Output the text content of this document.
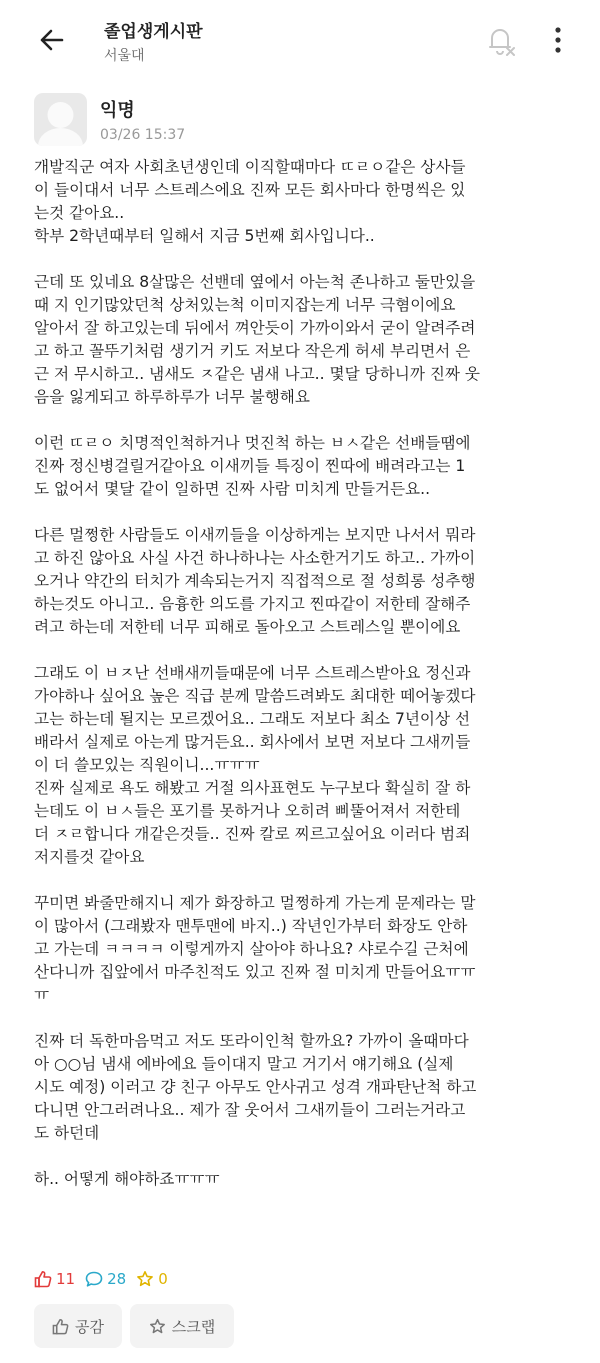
졸업생게시판
서울대
익명
03/26 15:37
개발직군 여자 사회초년생인데 이직할때마다 ㄸㄹㅇ같은 상사들
이 들이대서 너무 스트레스에요 진짜 모든 회사마다 한명씩은 있
는것 같아요..
학부 2학년때부터 일해서 지금 5번째 회사입니다..

근데 또 있네요 8살많은 선밴데 옆에서 아는척 존나하고 둘만있을
때 지 인기많았던척 상처있는척 이미지잡는게 너무 극혐이에요
알아서 잘 하고있는데 뒤에서 껴안듯이 가까이와서 굳이 알려주려
고 하고 꼴뚜기처럼 생기거 키도 저보다 작은게 허세 부리면서 은
근 저 무시하고.. 냄새도 ㅈ같은 냄새 나고.. 몇달 당하니까 진짜 웃
음을 잃게되고 하루하루가 너무 불행해요

이런 ㄸㄹㅇ 치명적인척하거나 멋진척 하는 ㅂㅅ같은 선배들땜에
진짜 정신병걸릴거같아요 이새끼들 특징이 찐따에 배려라고는 1
도 없어서 몇달 같이 일하면 진짜 사람 미치게 만들거든요..

다른 멀쩡한 사람들도 이새끼들을 이상하게는 보지만 나서서 뭐라
고 하진 않아요 사실 사건 하나하나는 사소한거기도 하고.. 가까이
오거나 약간의 터치가 계속되는거지 직접적으로 절 성희롱 성추행
하는것도 아니고.. 음흉한 의도를 가지고 찐따같이 저한테 잘해주
려고 하는데 저한테 너무 피해로 돌아오고 스트레스일 뿐이에요

그래도 이 ㅂㅈ난 선배새끼들때문에 너무 스트레스받아요 정신과
가야하나 싶어요 높은 직급 분께 말씀드려봐도 최대한 떼어놓겠다
고는 하는데 될지는 모르겠어요.. 그래도 저보다 최소 7년이상 선
배라서 실제로 아는게 많거든요.. 회사에서 보면 저보다 그새끼들
이 더 쓸모있는 직원이니...ㅠㅠㅠ
진짜 실제로 욕도 해봤고 거절 의사표현도 누구보다 확실히 잘 하
는데도 이 ㅂㅅ들은 포기를 못하거나 오히려 삐뚤어져서 저한테
더 ㅈㄹ합니다 개같은것들.. 진짜 칼로 찌르고싶어요 이러다 범죄
저지를것 같아요

꾸미면 봐줄만해지니 제가 화장하고 멀쩡하게 가는게 문제라는 말
이 많아서 (그래봤자 맨투맨에 바지..) 작년인가부터 화장도 안하
고 가는데 ㅋㅋㅋㅋ 이렇게까지 살아야 하나요? 샤로수길 근처에
산다니까 집앞에서 마주친적도 있고 진짜 절 미치게 만들어요ㅠㅠ
ㅠ

진짜 더 독한마음먹고 저도 또라이인척 할까요? 가까이 올때마다
아 ○○님 냄새 에바에요 들이대지 말고 거기서 얘기해요 (실제
시도 예정) 이러고 걍 친구 아무도 안사귀고 성격 개파탄난척 하고
다니면 안그러려나요.. 제가 잘 웃어서 그새끼들이 그러는거라고
도 하던데

하.. 어떻게 해야하죠ㅠㅠㅠ
11 28 0
공감	스크랩
